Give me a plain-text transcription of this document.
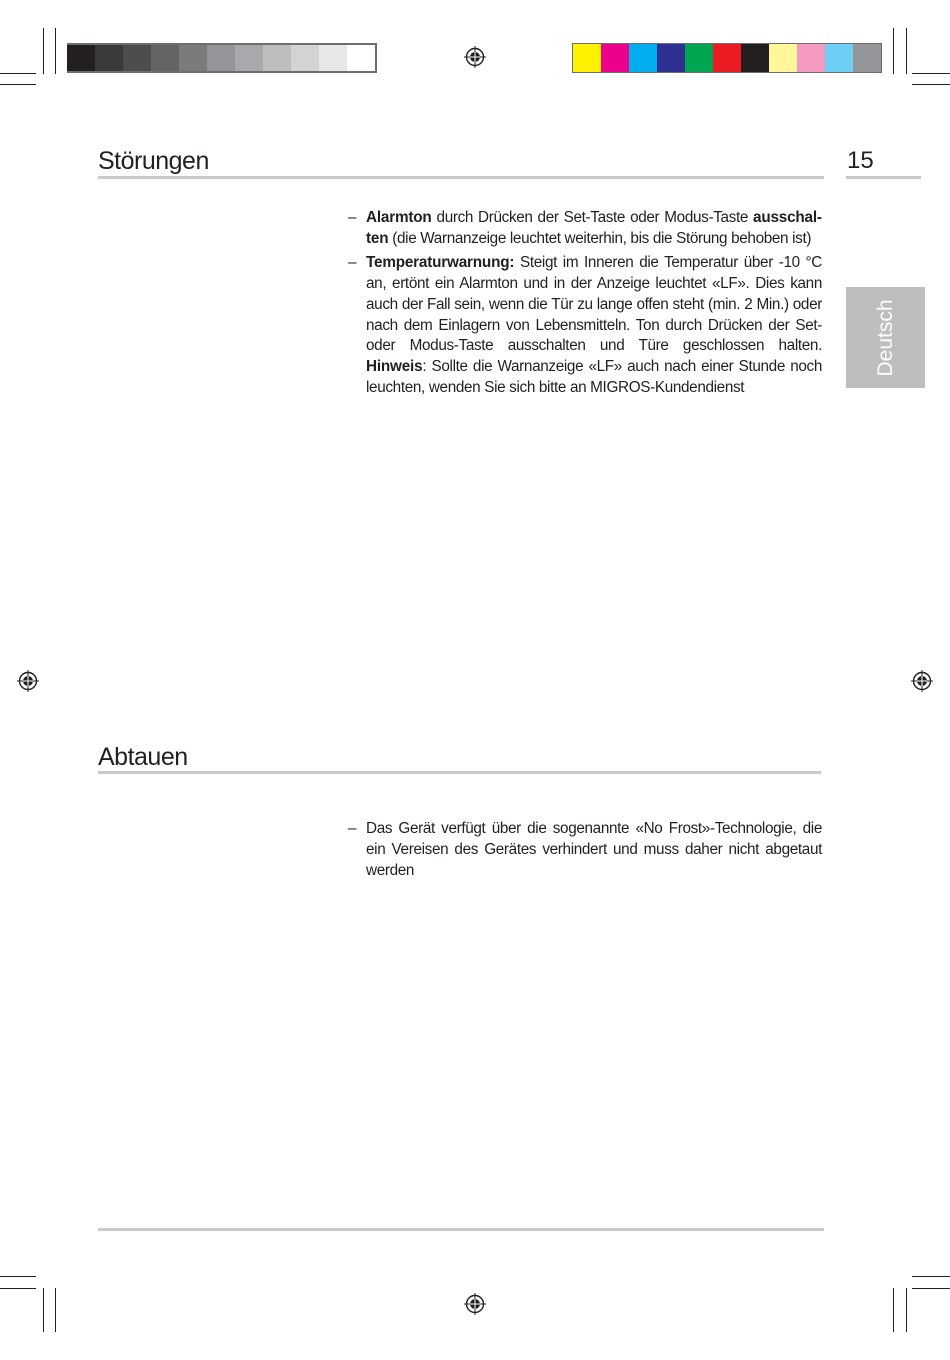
Störungen	15
Deutsch
– Alarmton durch Drücken der Set-Taste oder Modus-Taste ausschalten (die Warnanzeige leuchtet weiterhin, bis die Störung behoben ist)
– Temperaturwarnung: Steigt im Inneren die Temperatur über -10 °C an, ertönt ein Alarmton und in der Anzeige leuchtet «LF». Dies kann auch der Fall sein, wenn die Tür zu lange offen steht (min. 2 Min.) oder nach dem Einlagern von Lebensmitteln. Ton durch Drücken der Set- oder Modus-Taste ausschalten und Türe geschlossen halten. Hinweis: Sollte die Warnanzeige «LF» auch nach einer Stunde noch leuchten, wenden Sie sich bitte an MIGROS-Kundendienst
Abtauen
– Das Gerät verfügt über die sogenannte «No Frost»-Technologie, die ein Vereisen des Gerätes verhindert und muss daher nicht abgetaut werden
